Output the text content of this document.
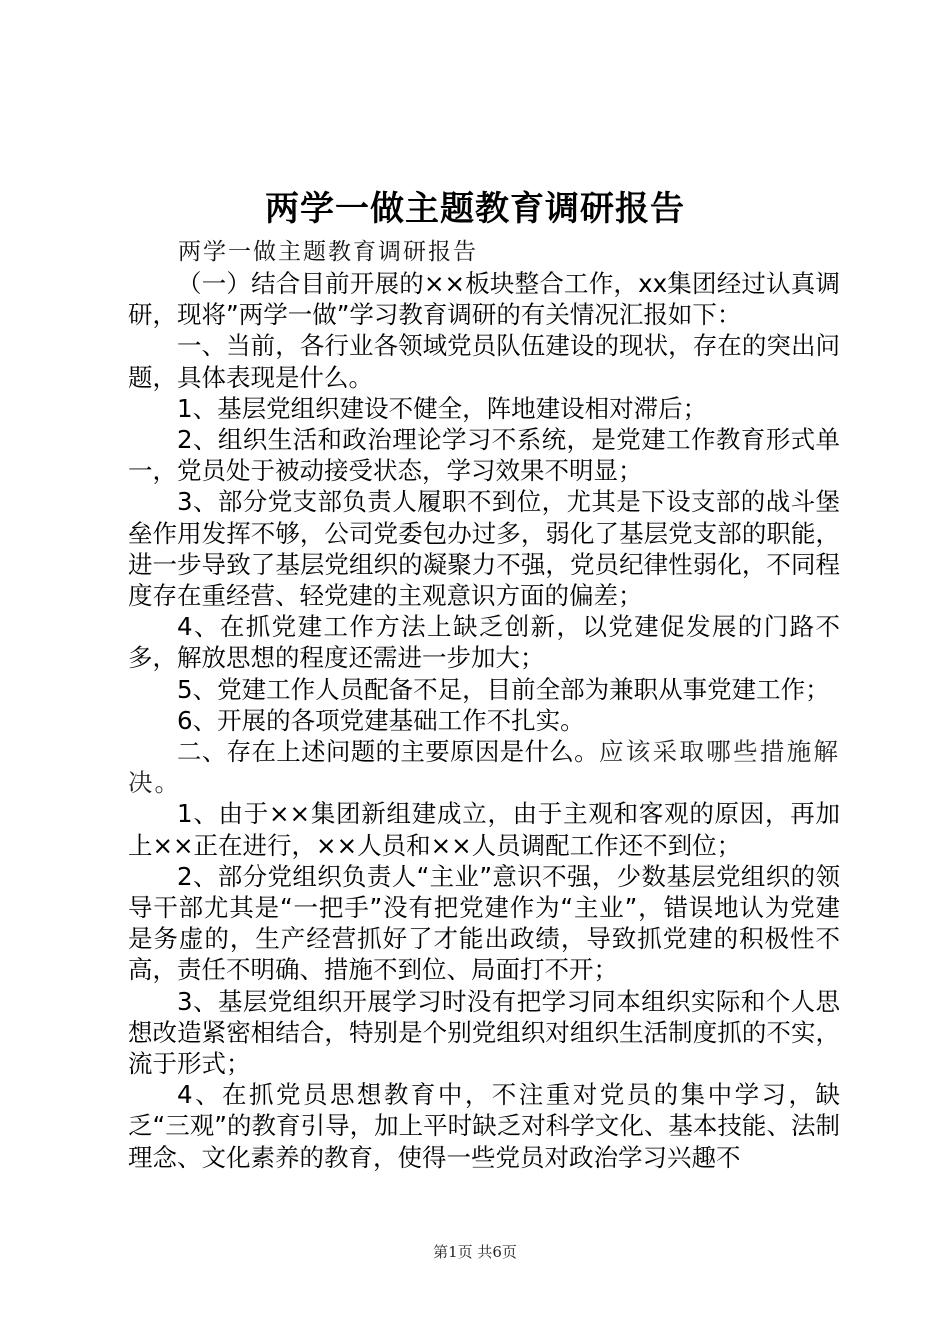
两学一做主题教育调研报告
两学一做主题教育调研报告

（一）结合目前开展的××板块整合工作，xx集团经过认真调研，现将”两学一做”学习教育调研的有关情况汇报如下：

一、当前，各行业各领域党员队伍建设的现状，存在的突出问题，具体表现是什么。

1、基层党组织建设不健全，阵地建设相对滞后；

2、组织生活和政治理论学习不系统，是党建工作教育形式单一，党员处于被动接受状态，学习效果不明显；

3、部分党支部负责人履职不到位，尤其是下设支部的战斗堡垒作用发挥不够，公司党委包办过多，弱化了基层党支部的职能，进一步导致了基层党组织的凝聚力不强，党员纪律性弱化，不同程度存在重经营、轻党建的主观意识方面的偏差；

4、在抓党建工作方法上缺乏创新，以党建促发展的门路不多，解放思想的程度还需进一步加大；

5、党建工作人员配备不足，目前全部为兼职从事党建工作；

6、开展的各项党建基础工作不扎实。

二、存在上述问题的主要原因是什么。应该采取哪些措施解决。

1、由于××集团新组建成立，由于主观和客观的原因，再加上××正在进行，××人员和××人员调配工作还不到位；

2、部分党组织负责人“主业”意识不强，少数基层党组织的领导干部尤其是“一把手”没有把党建作为“主业”，错误地认为党建是务虚的，生产经营抓好了才能出政绩，导致抓党建的积极性不高，责任不明确、措施不到位、局面打不开；

3、基层党组织开展学习时没有把学习同本组织实际和个人思想改造紧密相结合，特别是个别党组织对组织生活制度抓的不实，流于形式；

4、在抓党员思想教育中，不注重对党员的集中学习，缺乏“三观”的教育引导，加上平时缺乏对科学文化、基本技能、法制理念、文化素养的教育，使得一些党员对政治学习兴趣不

第1页 共6页
